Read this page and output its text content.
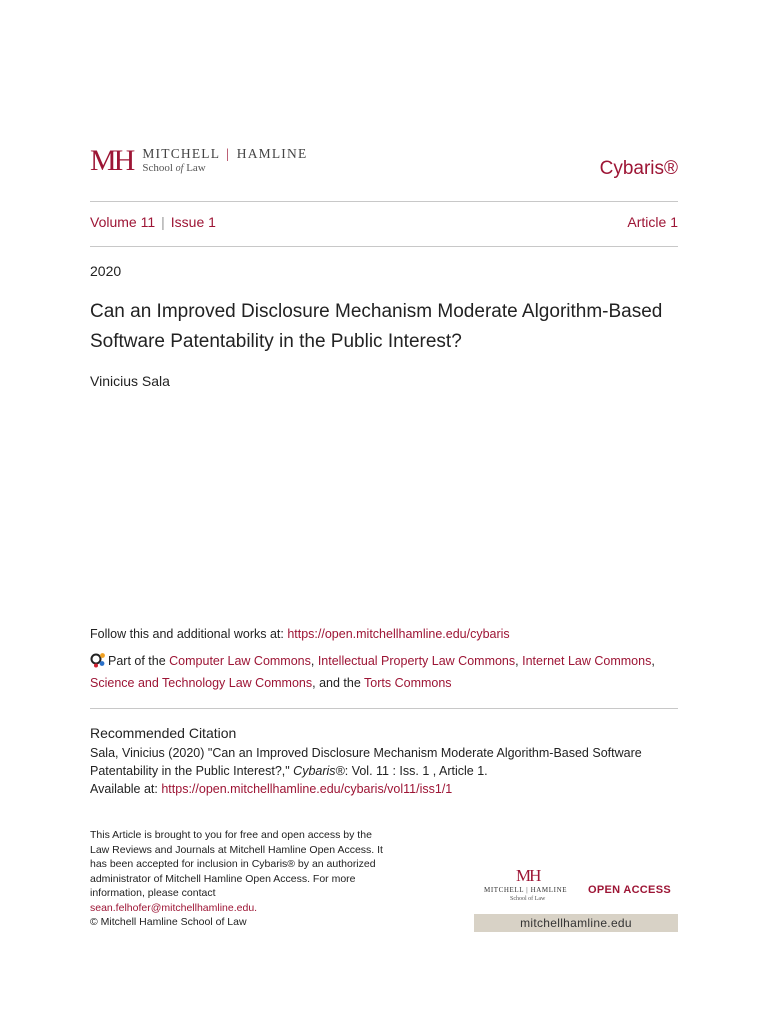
MH MITCHELL | HAMLINE
School of Law	Cybaris®
Volume 11 | Issue 1	Article 1
2020
Can an Improved Disclosure Mechanism Moderate Algorithm-Based Software Patentability in the Public Interest?
Vinicius Sala
Follow this and additional works at: https://open.mitchellhamline.edu/cybaris
Part of the Computer Law Commons, Intellectual Property Law Commons, Internet Law Commons,
Science and Technology Law Commons, and the Torts Commons
Recommended Citation
Sala, Vinicius (2020) "Can an Improved Disclosure Mechanism Moderate Algorithm-Based Software Patentability in the Public Interest?," Cybaris®: Vol. 11 : Iss. 1 , Article 1.
Available at: https://open.mitchellhamline.edu/cybaris/vol11/iss1/1
This Article is brought to you for free and open access by the Law Reviews and Journals at Mitchell Hamline Open Access. It has been accepted for inclusion in Cybaris® by an authorized administrator of Mitchell Hamline Open Access. For more information, please contact
sean.felhofer@mitchellhamline.edu.
© Mitchell Hamline School of Law
MH
MITCHELL | HAMLINE
School of Law
OPEN ACCESS
mitchellhamline.edu
